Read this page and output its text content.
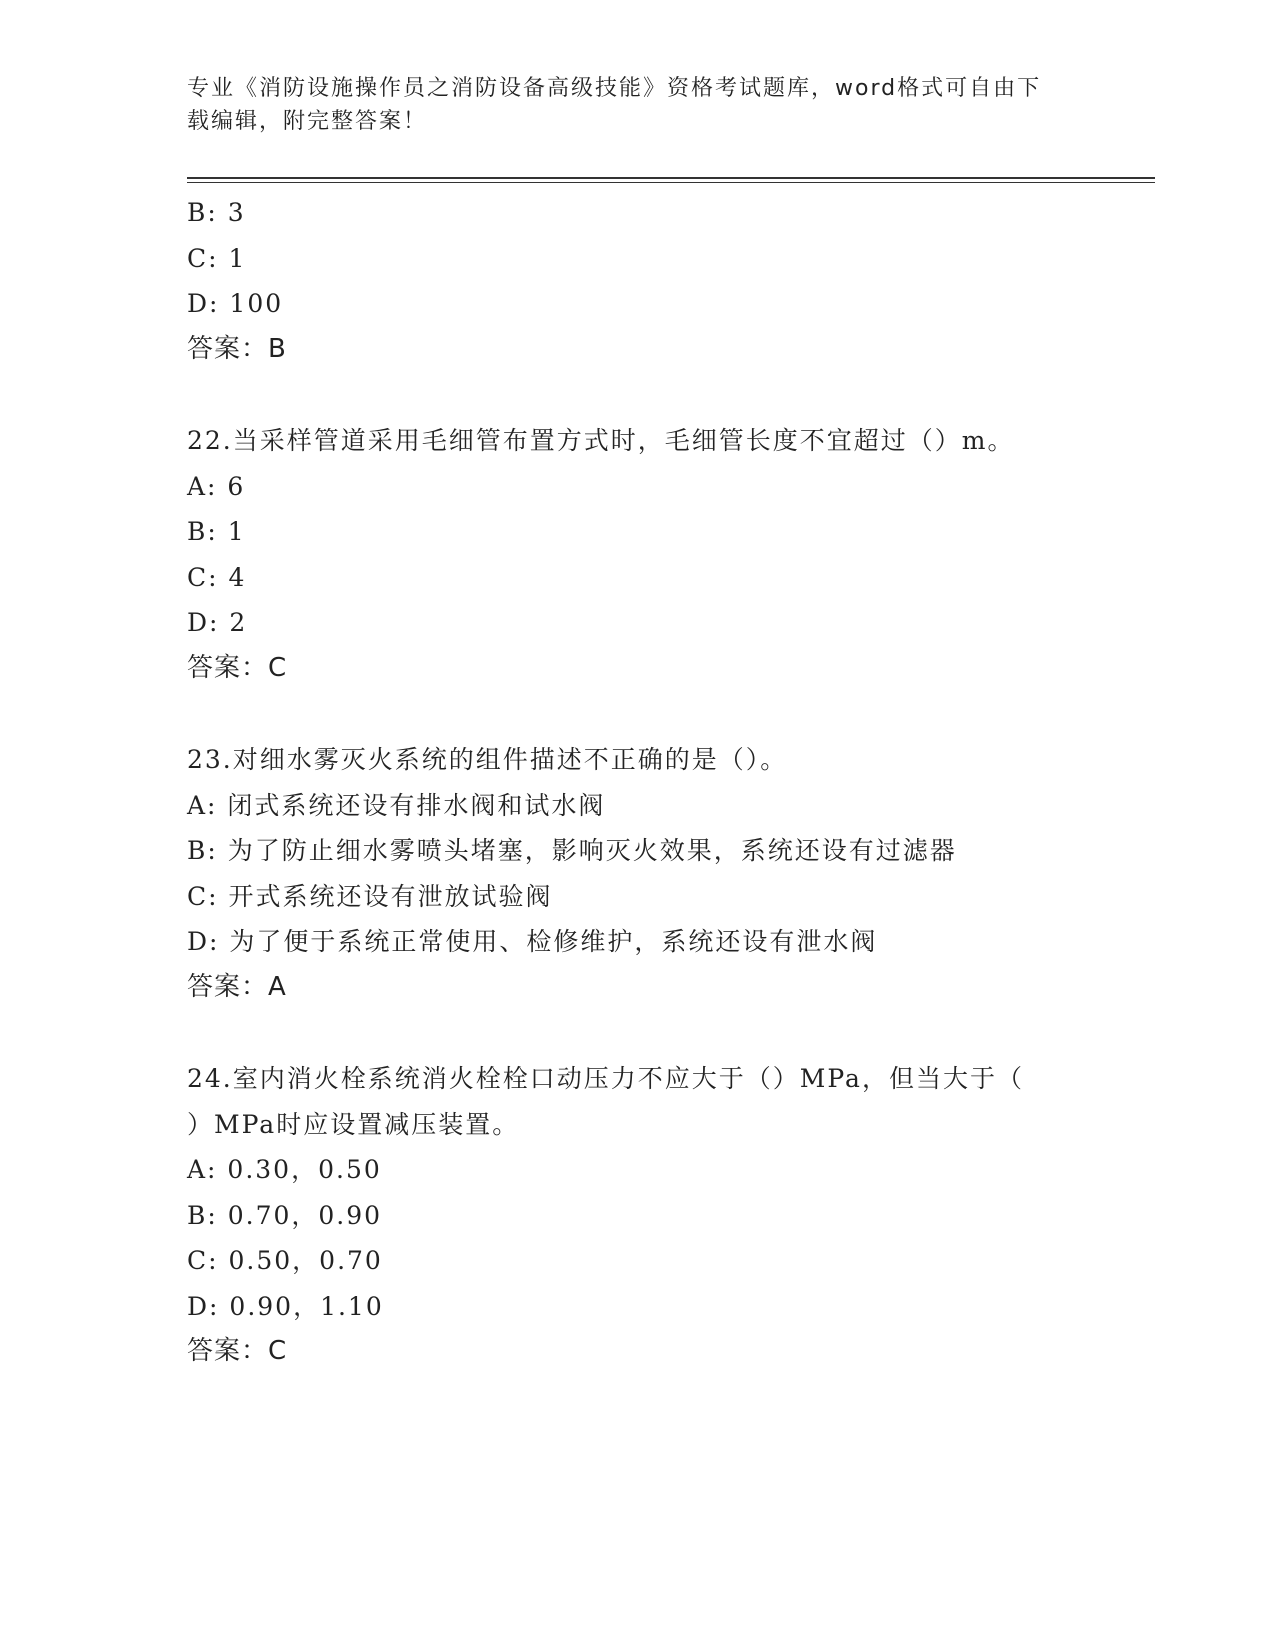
专业《消防设施操作员之消防设备高级技能》资格考试题库，word格式可自由下
载编辑，附完整答案！
B: 3
C: 1
D: 100
答案：B
22.当采样管道采用毛细管布置方式时，毛细管长度不宜超过（）m。
A: 6
B: 1
C: 4
D: 2
答案：C
23.对细水雾灭火系统的组件描述不正确的是（）。
A: 闭式系统还设有排水阀和试水阀
B: 为了防止细水雾喷头堵塞，影响灭火效果，系统还设有过滤器
C: 开式系统还设有泄放试验阀
D: 为了便于系统正常使用、检修维护，系统还设有泄水阀
答案：A
24.室内消火栓系统消火栓栓口动压力不应大于（）MPa，但当大于（
）MPa时应设置减压装置。
A: 0.30，0.50
B: 0.70，0.90
C: 0.50，0.70
D: 0.90，1.10
答案：C
